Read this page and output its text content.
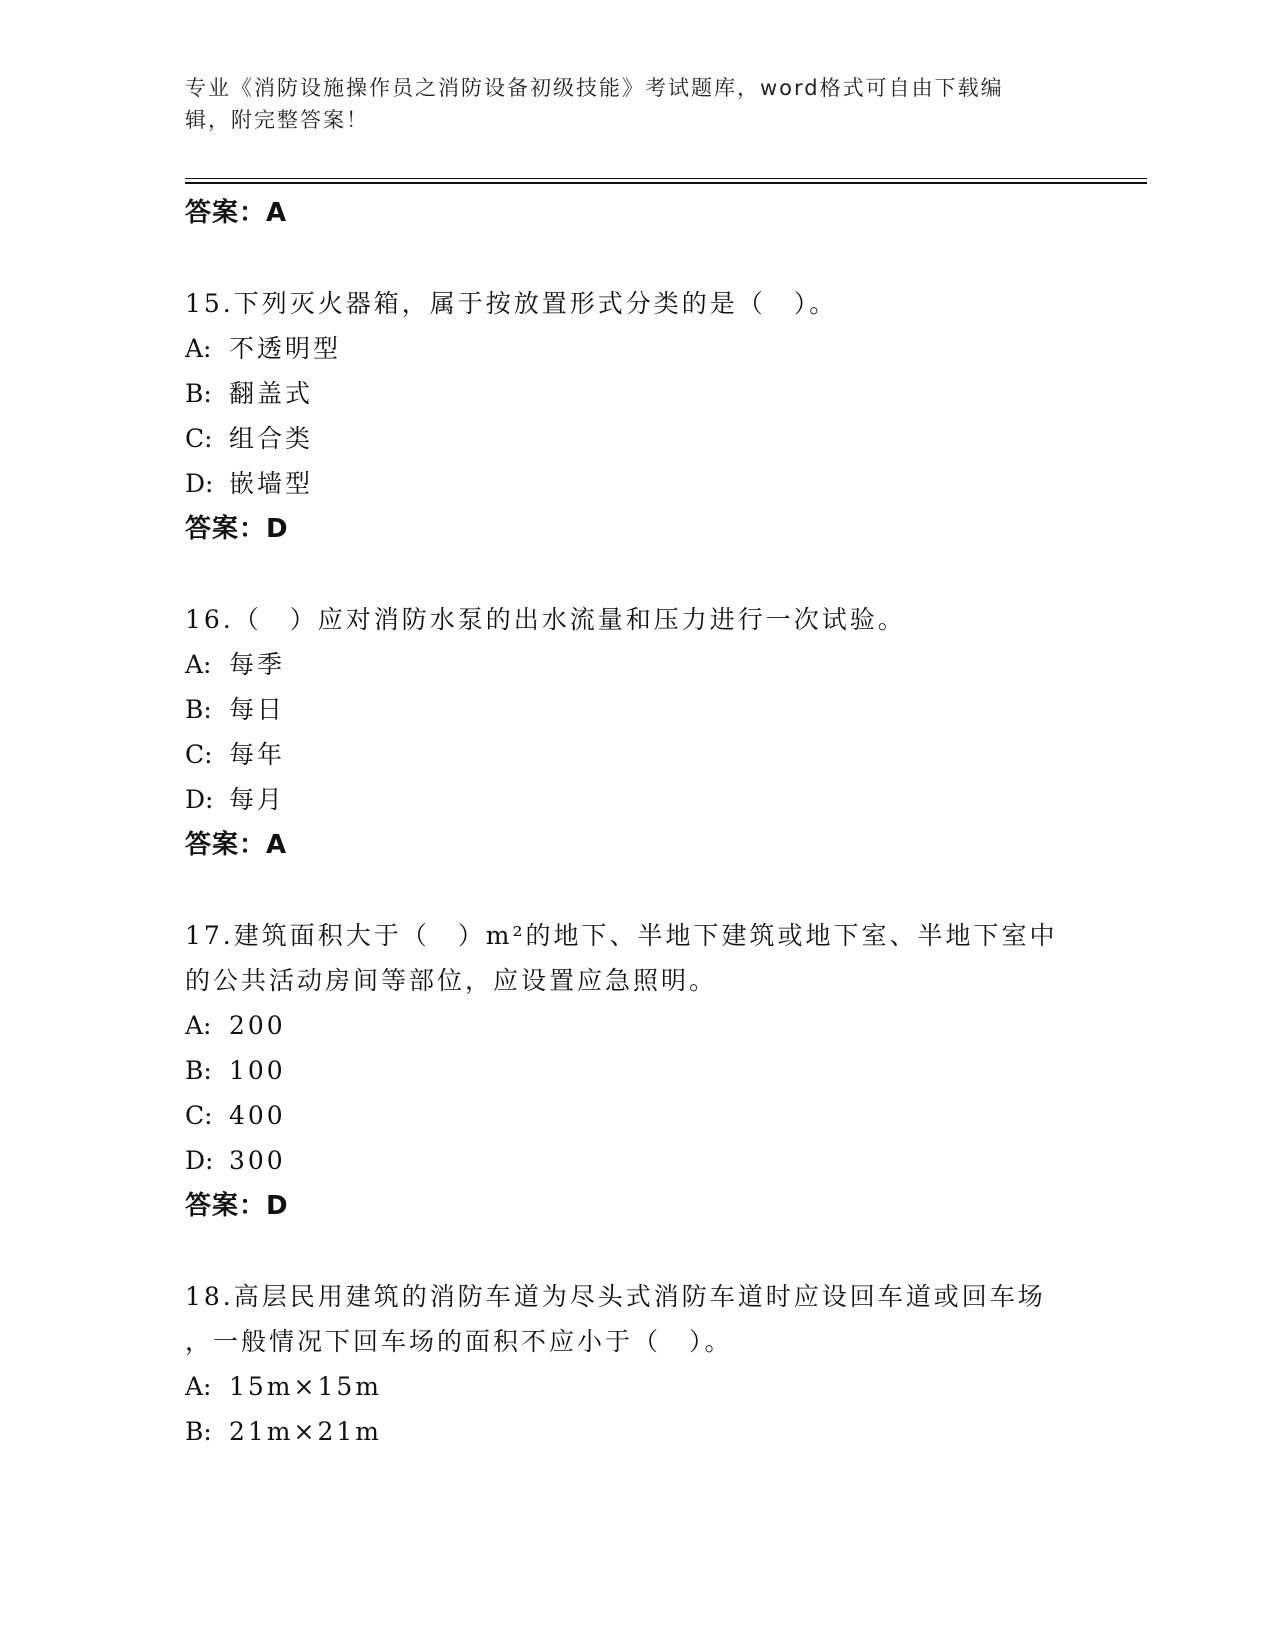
专业《消防设施操作员之消防设备初级技能》考试题库，word格式可自由下载编
辑，附完整答案！
答案：A
15.下列灭火器箱，属于按放置形式分类的是（　）。
A: 不透明型
B: 翻盖式
C: 组合类
D: 嵌墙型
答案：D
16.（　）应对消防水泵的出水流量和压力进行一次试验。
A: 每季
B: 每日
C: 每年
D: 每月
答案：A
17.建筑面积大于（　）m²的地下、半地下建筑或地下室、半地下室中
的公共活动房间等部位，应设置应急照明。
A: 200
B: 100
C: 400
D: 300
答案：D
18.高层民用建筑的消防车道为尽头式消防车道时应设回车道或回车场
，一般情况下回车场的面积不应小于（　）。
A: 15m×15m
B: 21m×21m
